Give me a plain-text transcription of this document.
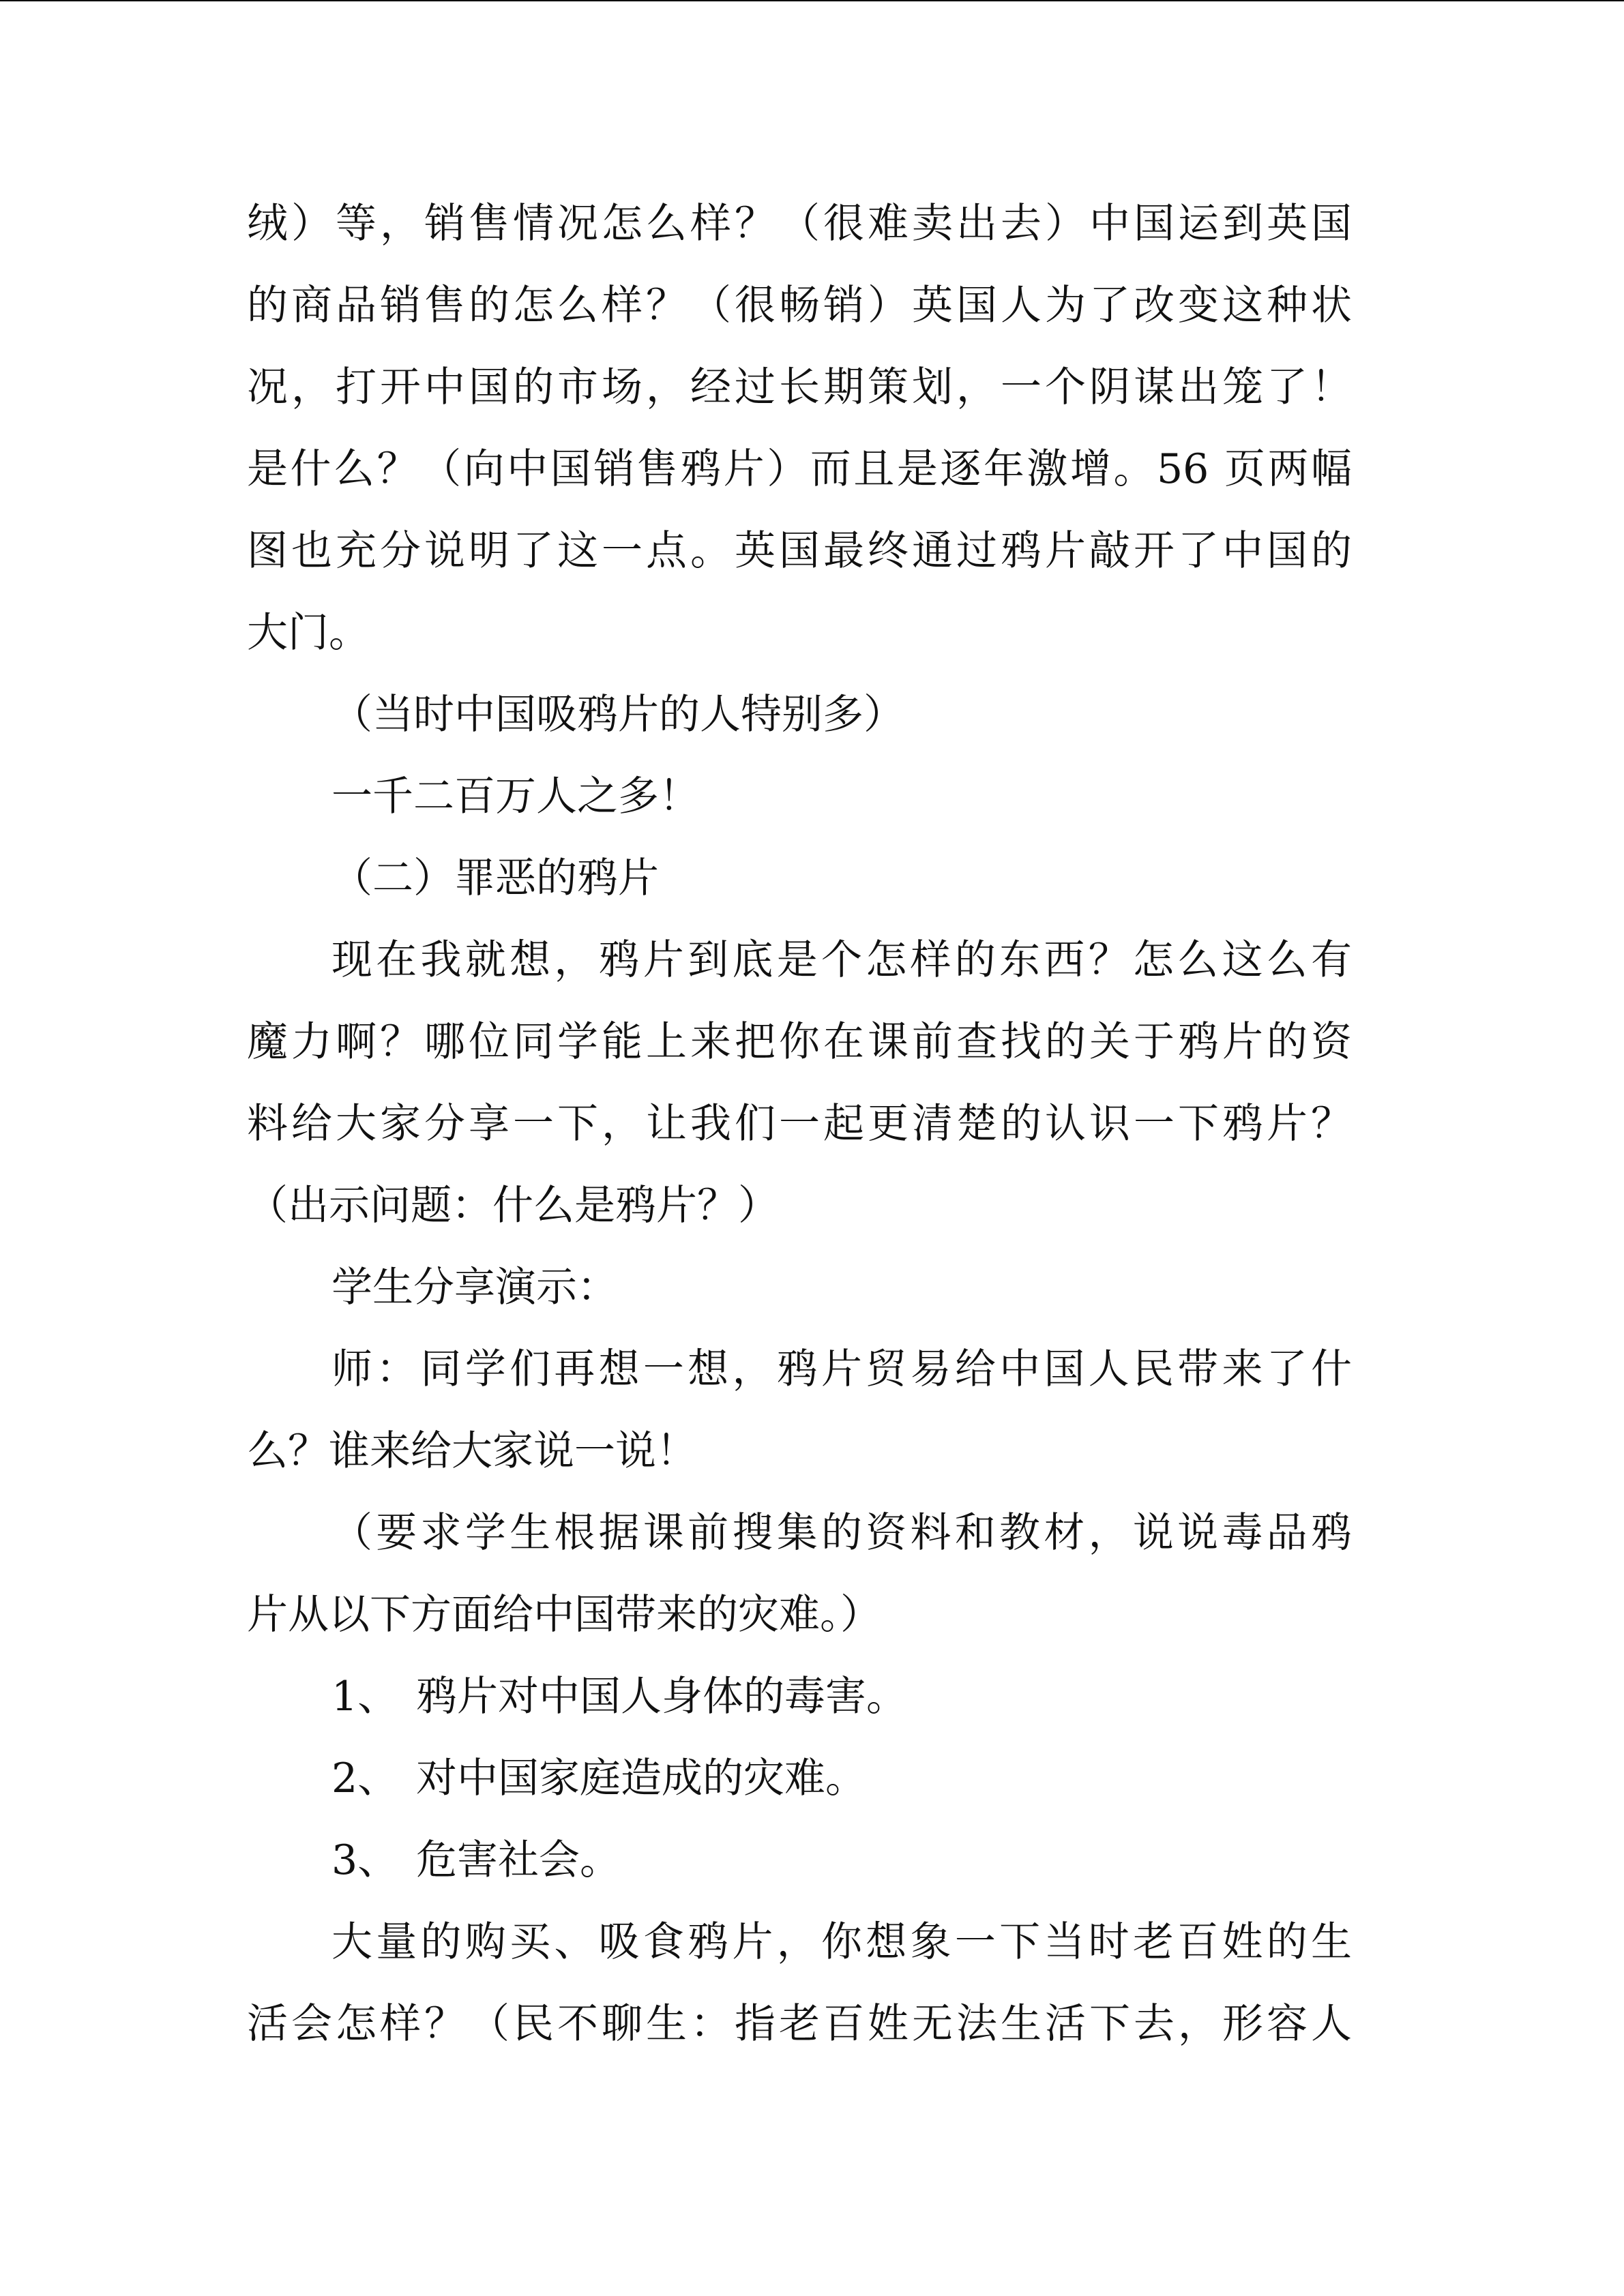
绒）等，销售情况怎么样？（很难卖出去）中国运到英国
的商品销售的怎么样？（很畅销）英国人为了改变这种状
况，打开中国的市场，经过长期策划，一个阴谋出笼了！
是什么？（向中国销售鸦片）而且是逐年激增。56 页两幅
图也充分说明了这一点。英国最终通过鸦片敲开了中国的
大门。
（当时中国吸鸦片的人特别多）
一千二百万人之多！
（二）罪恶的鸦片
现在我就想，鸦片到底是个怎样的东西？怎么这么有
魔力啊？哪位同学能上来把你在课前查找的关于鸦片的资
料给大家分享一下，让我们一起更清楚的认识一下鸦片？
（出示问题：什么是鸦片？）
学生分享演示：
师：同学们再想一想，鸦片贸易给中国人民带来了什
么？谁来给大家说一说！
（要求学生根据课前搜集的资料和教材，说说毒品鸦
片从以下方面给中国带来的灾难。）
1、 鸦片对中国人身体的毒害。
2、 对中国家庭造成的灾难。
3、 危害社会。
大量的购买、吸食鸦片，你想象一下当时老百姓的生
活会怎样？（民不聊生：指老百姓无法生活下去，形容人
